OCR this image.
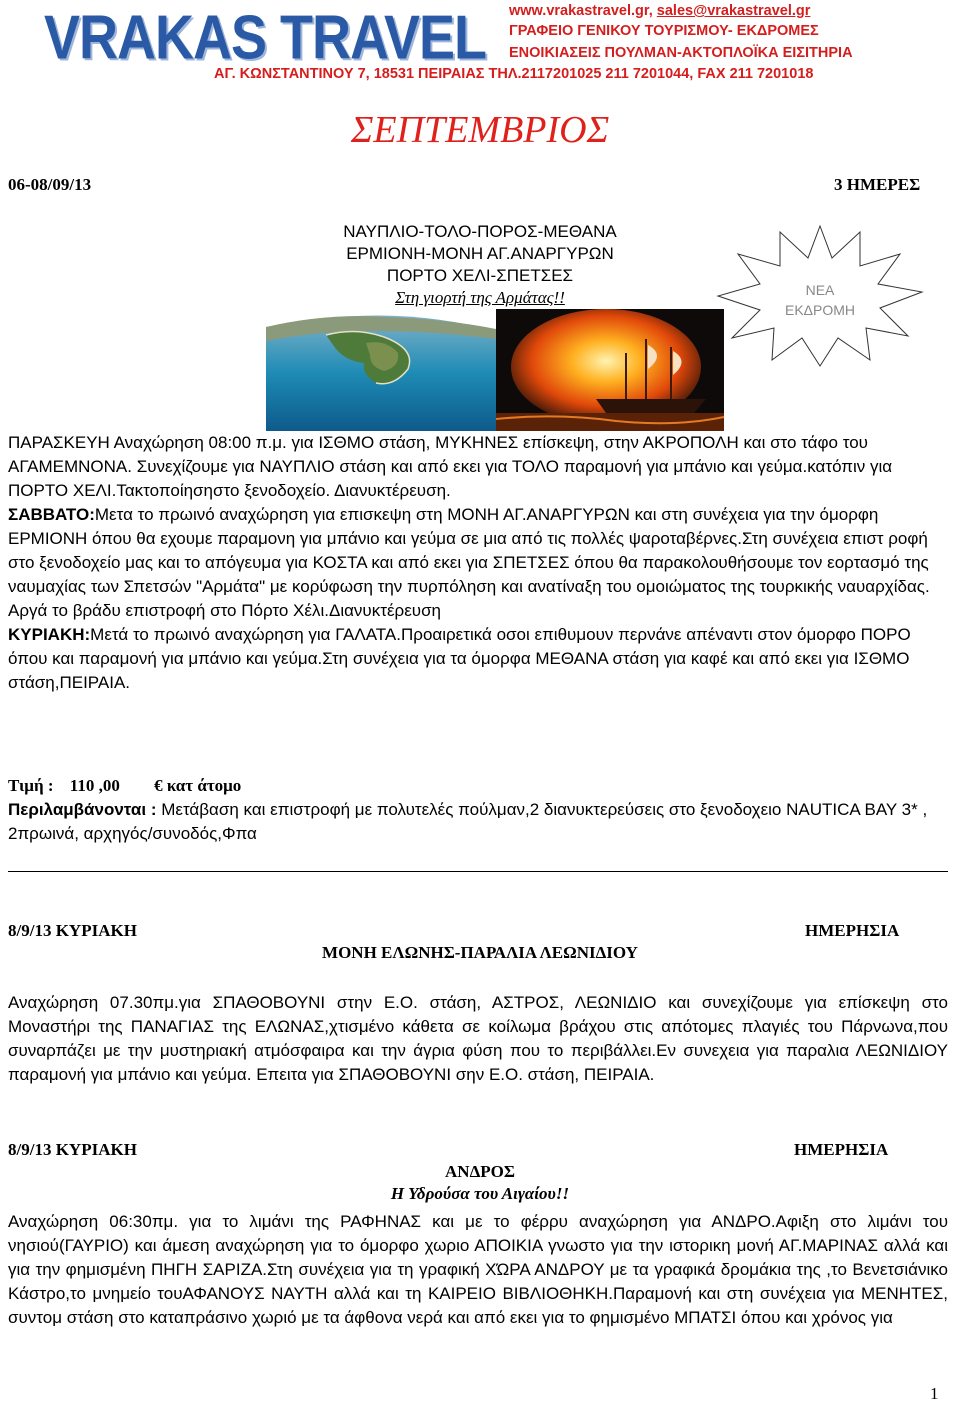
VRAKAS TRAVEL www.vrakastravel.gr, sales@vrakastravel.gr
ΓΡΑΦΕΙΟ ΓΕΝΙΚΟΥ ΤΟΥΡΙΣΜΟΥ- ΕΚΔΡΟΜΕΣ
ΕΝΟΙΚΙΑΣΕΙΣ ΠΟΥΛΜΑΝ-ΑΚΤΟΠΛΟΪΚΑ ΕΙΣΙΤΗΡΙΑ
ΑΓ. ΚΩΝΣΤΑΝΤΙΝΟΥ 7, 18531 ΠΕΙΡΑΙΑΣ ΤΗΛ.2117201025 211 7201044, FAX 211 7201018
ΣΕΠΤΕΜΒΡΙΟΣ
06-08/09/13	3 ΗΜΕΡΕΣ
ΝΑΥΠΛΙΟ-ΤΟΛΟ-ΠΟΡΟΣ-ΜΕΘΑΝΑ
ΕΡΜΙΟΝΗ-ΜΟΝΗ ΑΓ.ΑΝΑΡΓΥΡΩΝ
ΠΟΡΤΟ ΧΕΛΙ-ΣΠΕΤΣΕΣ
Στη γιορτή της Αρμάτας!!	ΝΕΑ
ΕΚΔΡΟΜΗ
ΠΑΡΑΣΚΕΥΗ Αναχώρηση 08:00 π.μ. για ΙΣΘΜΟ στάση, ΜΥΚΗΝΕΣ επίσκεψη, στην ΑΚΡΟΠΟΛΗ και στο τάφο του ΑΓΑΜΕΜΝΟΝΑ. Συνεχίζουμε για ΝΑΥΠΛΙΟ στάση και από εκει για ΤΟΛΟ παραμονή για μπάνιο και γεύμα.κατόπιν για ΠΟΡΤΟ ΧΕΛΙ.Τακτοποίησηστο ξενοδοχείο. Διανυκτέρευση.
ΣΑΒΒΑΤΟ:Μετα το πρωινό αναχώρηση για επισκεψη στη ΜΟΝΗ ΑΓ.ΑΝΑΡΓΥΡΩΝ και στη συνέχεια για την όμορφη ΕΡΜΙΟΝΗ όπου θα εχουμε παραμονη για μπάνιο και γεύμα σε μια από τις πολλές ψαροταβέρνες.Στη συνέχεια επιστ ροφή στο ξενοδοχείο μας και το απόγευμα για ΚΟΣΤΑ και από εκει για ΣΠΕΤΣΕΣ όπου θα παρακολουθήσουμε τον εορτασμό της ναυμαχίας των Σπετσών "Αρμάτα" με κορύφωση την πυρπόληση και ανατίναξη του ομοιώματος της τουρκικής ναυαρχίδας. Αργά το βράδυ επιστροφή στο Πόρτο Χέλι.Διανυκτέρευση
ΚΥΡΙΑΚΗ:Μετά το πρωινό αναχώρηση για ΓΑΛΑΤΑ.Προαιρετικά οσοι επιθυμουν περνάνε απέναντι στον όμορφο ΠΟΡΟ όπου και παραμονή για μπάνιο και γεύμα.Στη συνέχεια για τα όμορφα ΜΕΘΑΝΑ στάση για καφέ και από εκει για ΙΣΘΜΟ στάση,ΠΕΙΡΑΙΑ.
Τιμή : 110 ,00 € κατ άτομο
Περιλαμβάνονται : Μετάβαση και επιστροφή με πολυτελές πούλμαν,2 διανυκτερεύσεις στο ξενοδοχειο NAUTICA BAY 3* , 2πρωινά, αρχηγός/συνοδός,Φπα
8/9/13 ΚΥΡΙΑΚΗ	ΗΜΕΡΗΣΙΑ
ΜΟΝΗ ΕΛΩΝΗΣ-ΠΑΡΑΛΙΑ ΛΕΩΝΙΔΙΟΥ
Αναχώρηση 07.30πμ.για ΣΠΑΘΟΒΟΥΝΙ στην Ε.Ο. στάση, ΑΣΤΡΟΣ, ΛΕΩΝΙΔΙΟ και συνεχίζουμε για επίσκεψη στο Μοναστήρι της ΠΑΝΑΓΙΑΣ της ΕΛΩΝΑΣ,χτισμένο κάθετα σε κοίλωμα βράχου στις απότομες πλαγιές του Πάρνωνα,που συναρπάζει με την μυστηριακή ατμόσφαιρα και την άγρια φύση που το περιβάλλει.Εν συνεχεια για παραλια ΛΕΩΝΙΔΙΟΥ παραμονή για μπάνιο και γεύμα. Επειτα για ΣΠΑΘΟΒΟΥΝΙ σην Ε.Ο. στάση, ΠΕΙΡΑΙΑ.
8/9/13 ΚΥΡΙΑΚΗ	ΗΜΕΡΗΣΙΑ
ΑΝΔΡΟΣ
Η Υδρούσα του Αιγαίου!!
Αναχώρηση 06:30πμ. για το λιμάνι της ΡΑΦΗΝΑΣ και με το φέρρυ αναχώρηση για ΑΝΔΡΟ.Αφιξη στο λιμάνι του νησιού(ΓΑΥΡΙΟ) και άμεση αναχώρηση για το όμορφο χωριο ΑΠΟΙΚΙΑ γνωστο για την ιστορικη μονή ΑΓ.ΜΑΡΙΝΑΣ αλλά και για την φημισμένη ΠΗΓΗ ΣΑΡΙΖΑ.Στη συνέχεια για τη γραφική ΧΏΡΑ ΑΝΔΡΟΥ με τα γραφικά δρομάκια της ,το Βενετσιάνικο Κάστρο,το μνημείο τουΑΦΑΝΟΥΣ ΝΑΥΤΗ αλλά και τη ΚΑΙΡΕΙΟ ΒΙΒΛΙΟΘΗΚΗ.Παραμονή και στη συνέχεια για ΜΕΝΗΤΕΣ, συντομ στάση στο καταπράσινο χωριό με τα άφθονα νερά και από εκει για το φημισμένο ΜΠΑΤΣΙ όπου και χρόνος για
1
